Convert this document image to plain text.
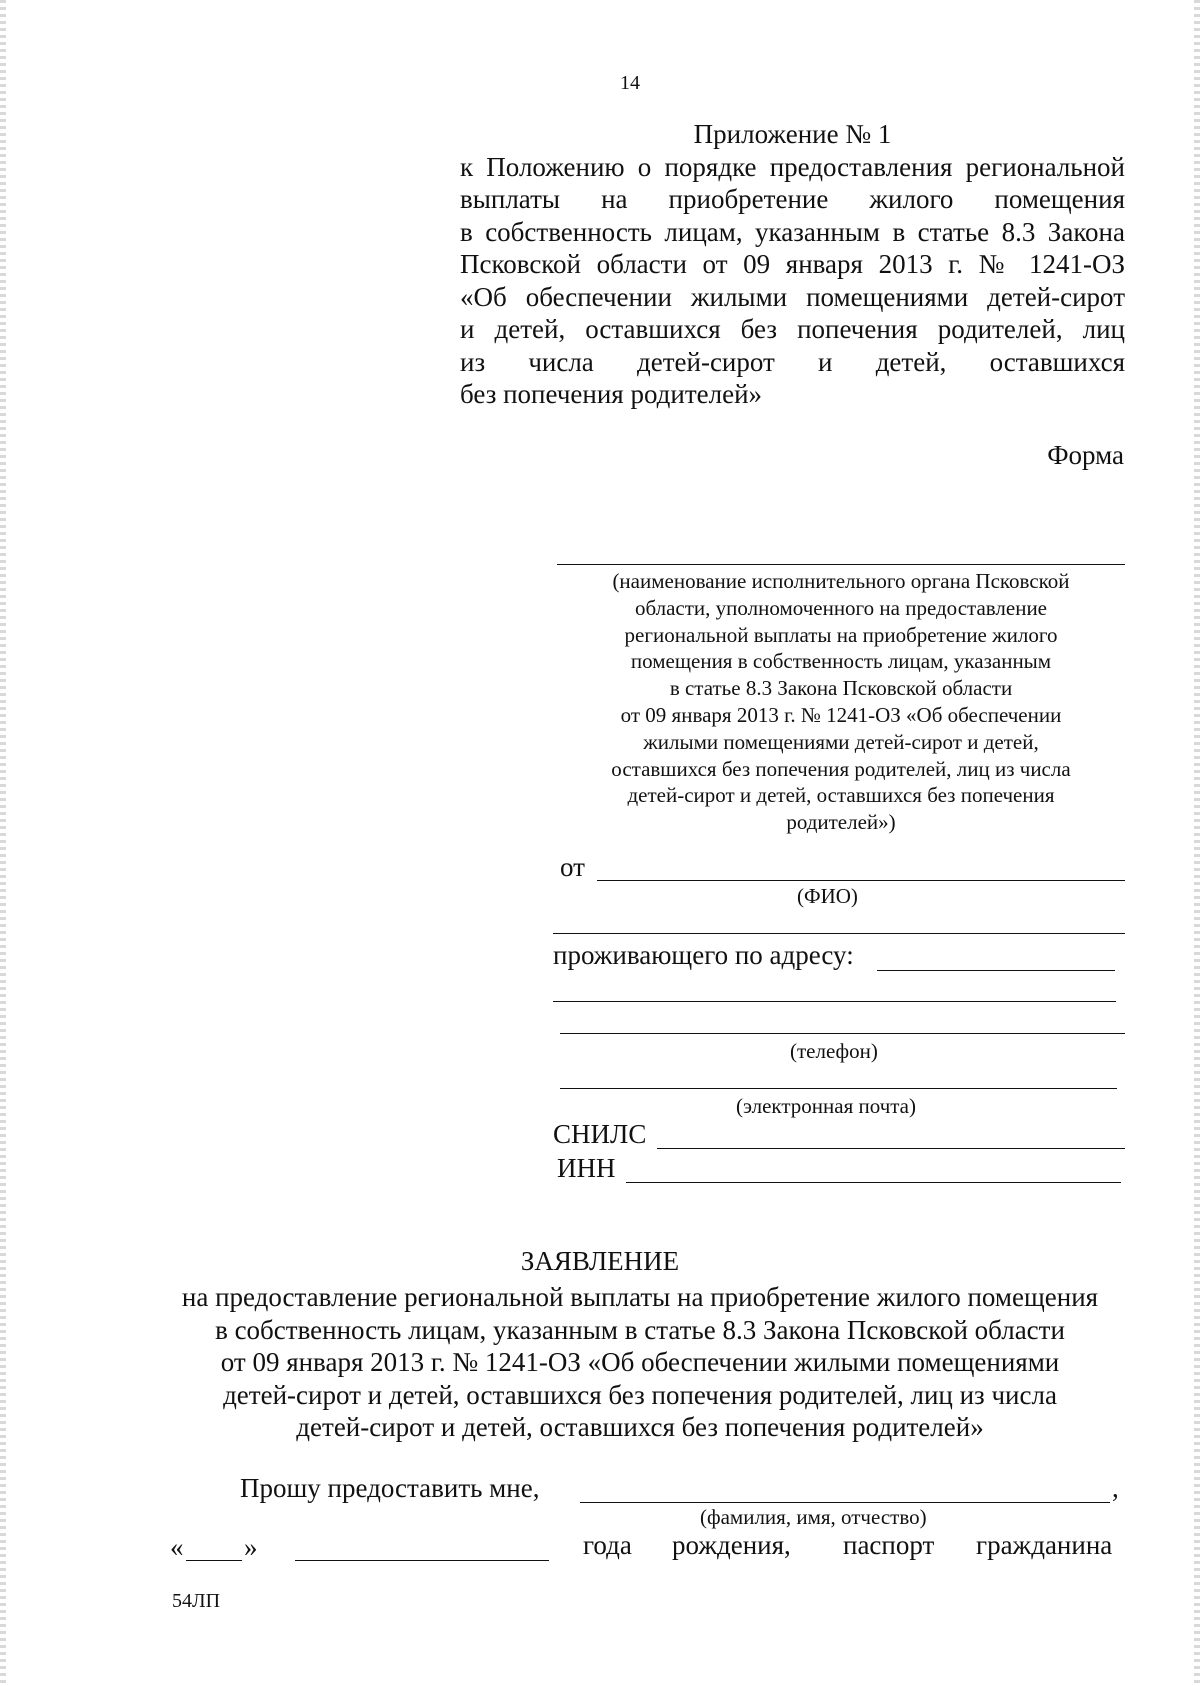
14
Приложение № 1

к Положению о порядке предоставления региональной

выплаты на приобретение жилого помещения

в собственность лицам, указанным в статье 8.3 Закона

Псковской области от 09 января 2013 г. № 1241-ОЗ

«Об обеспечении жилыми помещениями детей-сирот

и детей, оставшихся без попечения родителей, лиц

из числа детей-сирот и детей, оставшихся

без попечения родителей»

Форма
(наименование исполнительного органа Псковской
области, уполномоченного на предоставление
региональной выплаты на приобретение жилого
помещения в собственность лицам, указанным
в статье 8.3 Закона Псковской области
от 09 января 2013 г. № 1241-ОЗ «Об обеспечении
жилыми помещениями детей-сирот и детей,
оставшихся без попечения родителей, лиц из числа
детей-сирот и детей, оставшихся без попечения
родителей»)
от
(ФИО)
проживающего по адресу:
(телефон)
(электронная почта)
СНИЛС
ИНН
ЗАЯВЛЕНИЕ
на предоставление региональной выплаты на приобретение жилого помещения
в собственность лицам, указанным в статье 8.3 Закона Псковской области
от 09 января 2013 г. № 1241-ОЗ «Об обеспечении жилыми помещениями
детей-сирот и детей, оставшихся без попечения родителей, лиц из числа
детей-сирот и детей, оставшихся без попечения родителей»
Прошу предоставить мне,	,
(фамилия, имя, отчество)
« »	года рождения, паспорт гражданина
54ЛП
